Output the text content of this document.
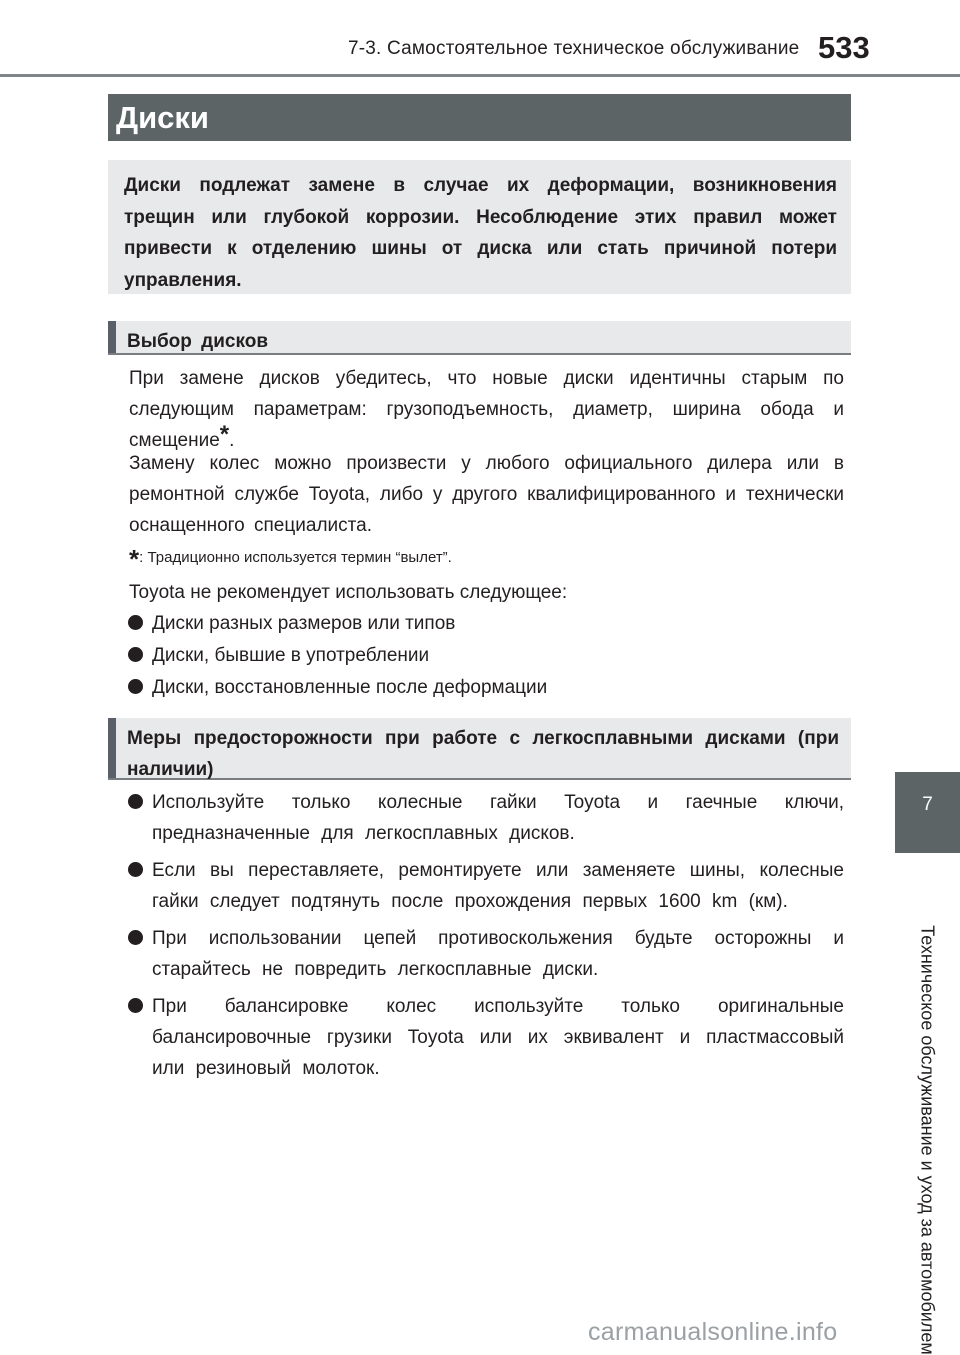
7-3. Самостоятельное техническое обслуживание 533
Диски

Диски подлежат замене в случае их деформации, возникновения трещин или глубокой коррозии. Несоблюдение этих правил может привести к отделению шины от диска или стать причиной потери управления.

Выбор дисков

При замене дисков убедитесь, что новые диски идентичны старым по следующим параметрам: грузоподъемность, диаметр, ширина обода и смещение*.

Замену колес можно произвести у любого официального дилера или в ремонтной службе Toyota, либо у другого квалифицированного и технически оснащенного специалиста.

*: Традиционно используется термин “вылет”.

Toyota не рекомендует использовать следующее:

Диски разных размеров или типов
Диски, бывшие в употреблении
Диски, восстановленные после деформации
Меры предосторожности при работе с легкосплавными дисками (при наличии)
Используйте только колесные гайки Toyota и гаечные ключи, предназначенные для легкосплавных дисков.
Если вы переставляете, ремонтируете или заменяете шины, колесные гайки следует подтянуть после прохождения первых 1600 km (км).
При использовании цепей противоскольжения будьте осторожны и старайтесь не повредить легкосплавные диски.
При балансировке колес используйте только оригинальные балансировочные грузики Toyota или их эквивалент и пластмассовый или резиновый молоток.
7
Техническое обслуживание и уход за автомобилем
carmanualsonline.info
